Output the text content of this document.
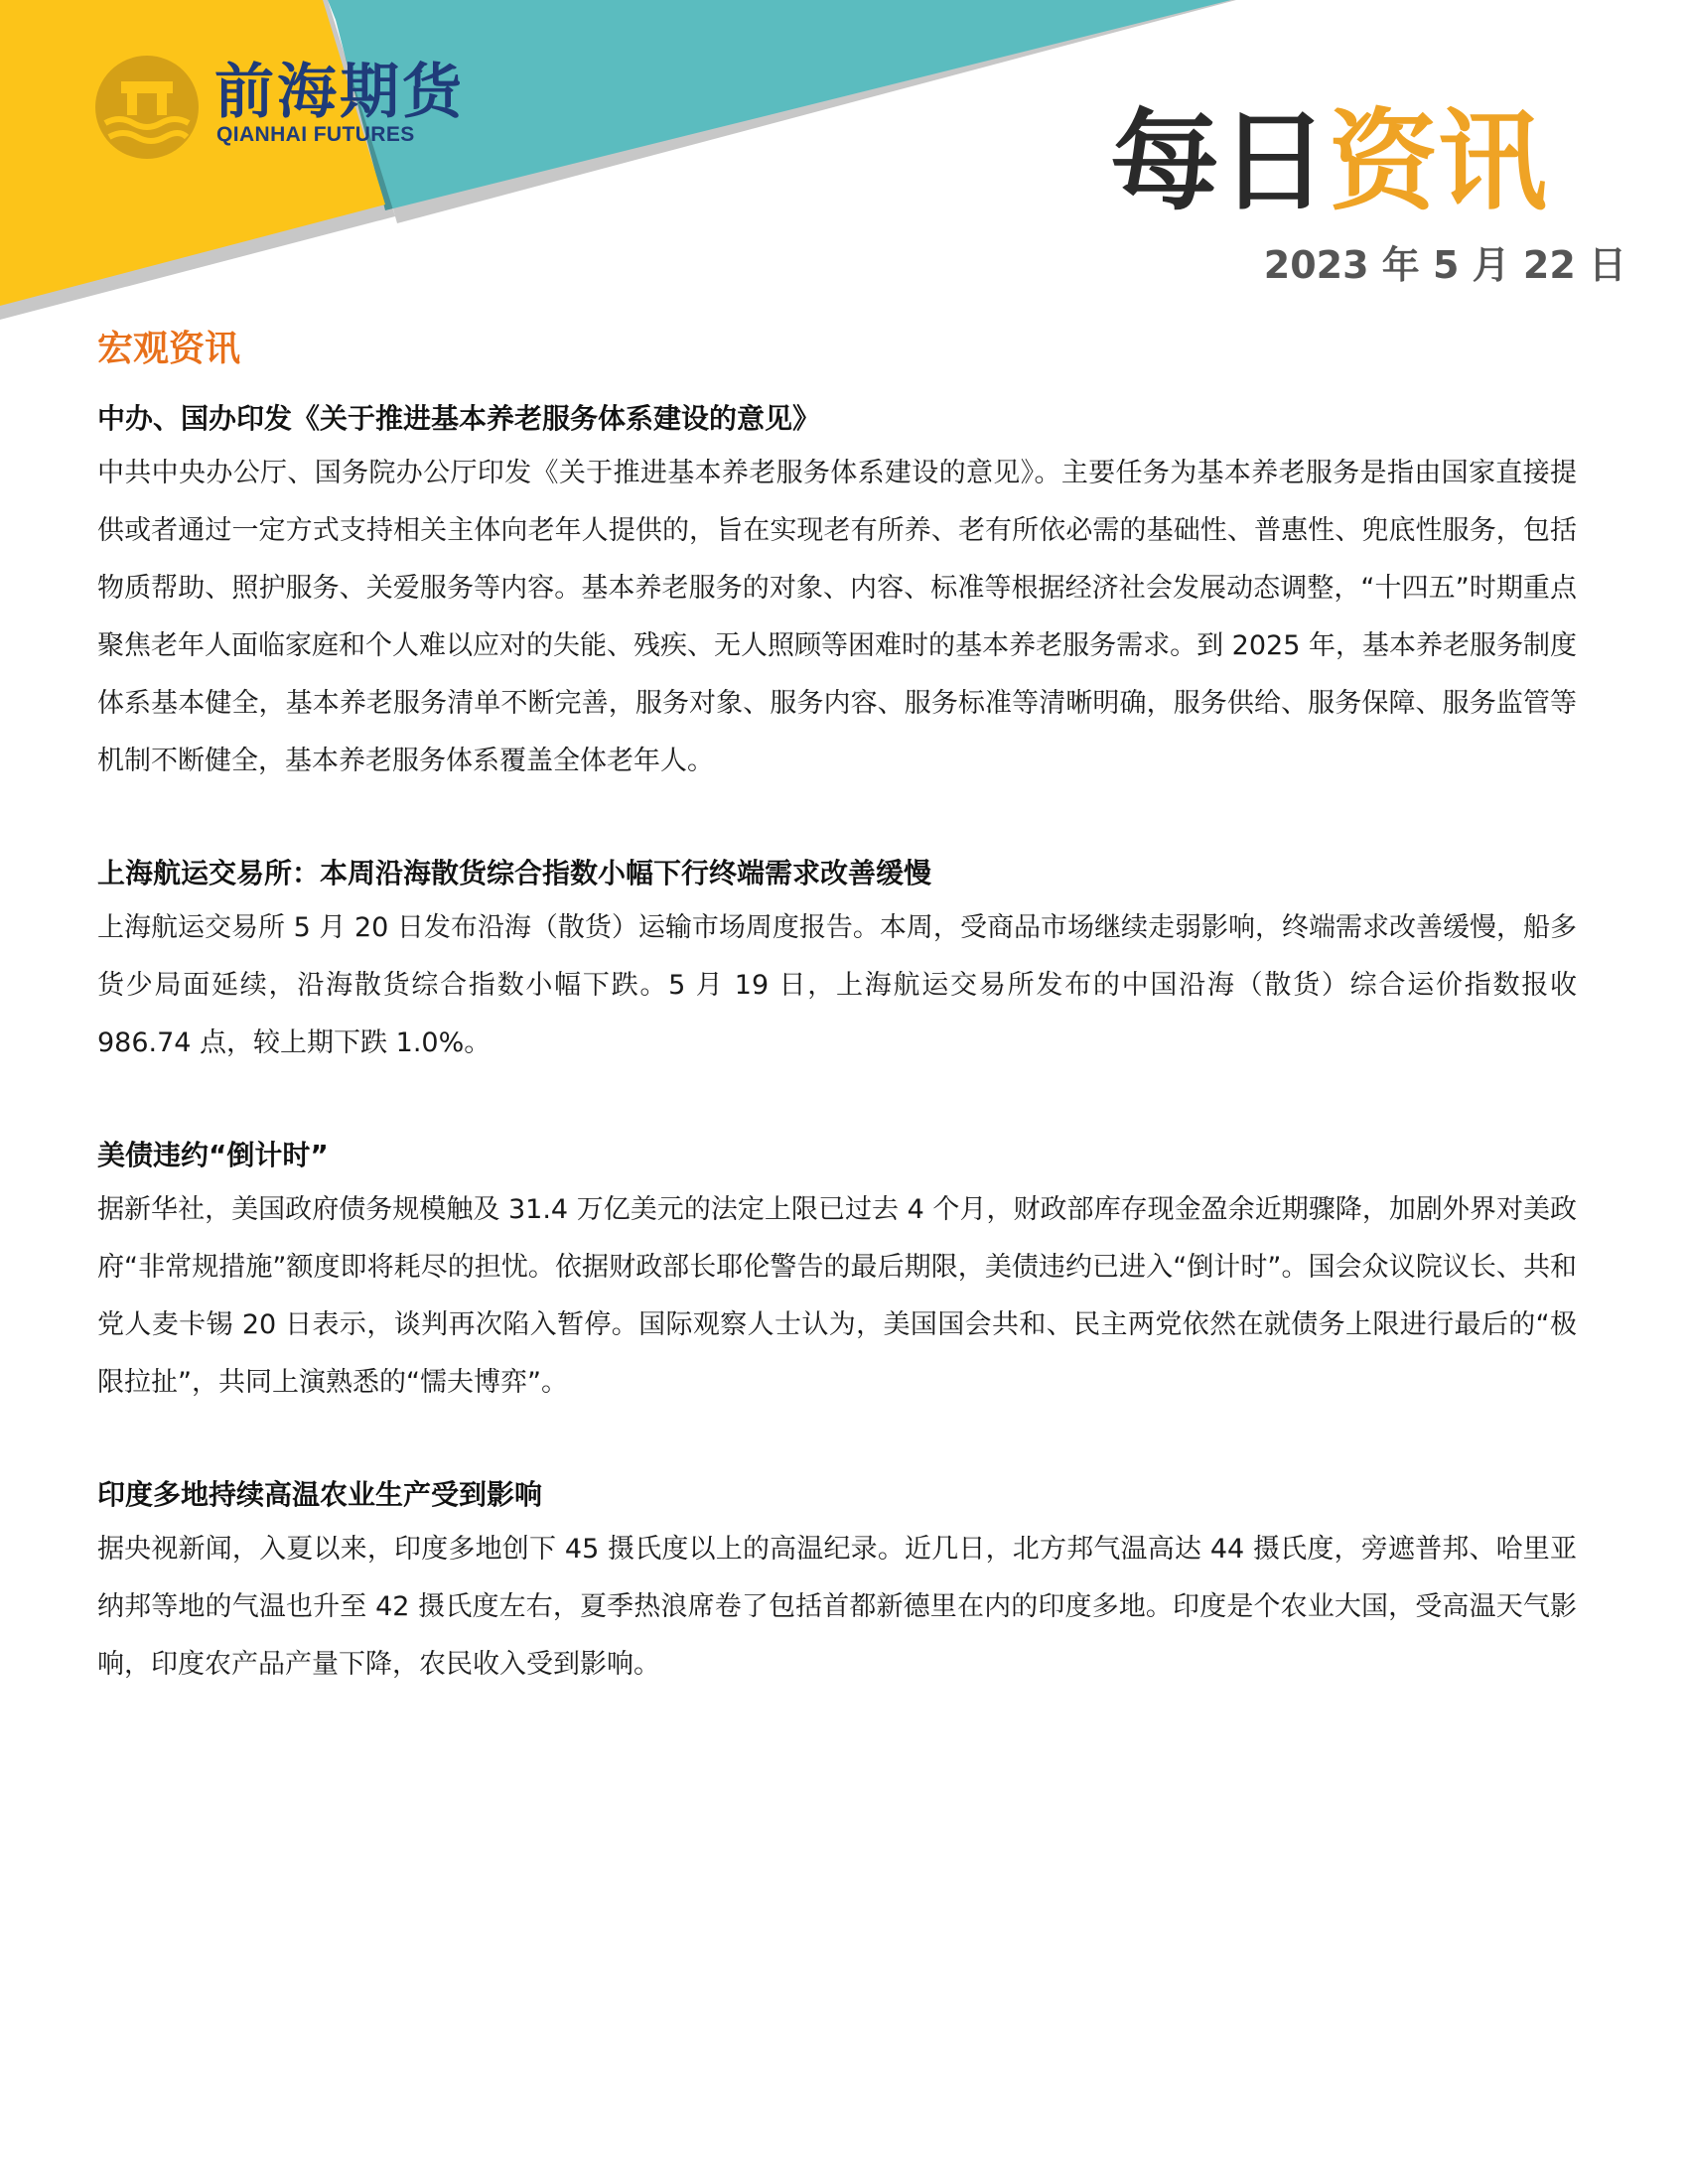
前海期货
QIANHAI FUTURES	每日资讯
2023 年 5 月 22 日
宏观资讯

中办、国办印发《关于推进基本养老服务体系建设的意见》

中共中央办公厅、国务院办公厅印发《关于推进基本养老服务体系建设的意见》。主要任务为基本养老服务是指由国家直接提供或者通过一定方式支持相关主体向老年人提供的，旨在实现老有所养、老有所依必需的基础性、普惠性、兜底性服务，包括物质帮助、照护服务、关爱服务等内容。基本养老服务的对象、内容、标准等根据经济社会发展动态调整，“十四五”时期重点聚焦老年人面临家庭和个人难以应对的失能、残疾、无人照顾等困难时的基本养老服务需求。到 2025 年，基本养老服务制度体系基本健全，基本养老服务清单不断完善，服务对象、服务内容、服务标准等清晰明确，服务供给、服务保障、服务监管等机制不断健全，基本养老服务体系覆盖全体老年人。

上海航运交易所：本周沿海散货综合指数小幅下行终端需求改善缓慢

上海航运交易所 5 月 20 日发布沿海（散货）运输市场周度报告。本周，受商品市场继续走弱影响，终端需求改善缓慢，船多货少局面延续，沿海散货综合指数小幅下跌。5 月 19 日，上海航运交易所发布的中国沿海（散货）综合运价指数报收 986.74 点，较上期下跌 1.0%。

美债违约“倒计时”

据新华社，美国政府债务规模触及 31.4 万亿美元的法定上限已过去 4 个月，财政部库存现金盈余近期骤降，加剧外界对美政府“非常规措施”额度即将耗尽的担忧。依据财政部长耶伦警告的最后期限，美债违约已进入“倒计时”。国会众议院议长、共和党人麦卡锡 20 日表示，谈判再次陷入暂停。国际观察人士认为，美国国会共和、民主两党依然在就债务上限进行最后的“极限拉扯”，共同上演熟悉的“懦夫博弈”。

印度多地持续高温农业生产受到影响

据央视新闻，入夏以来，印度多地创下 45 摄氏度以上的高温纪录。近几日，北方邦气温高达 44 摄氏度，旁遮普邦、哈里亚纳邦等地的气温也升至 42 摄氏度左右，夏季热浪席卷了包括首都新德里在内的印度多地。印度是个农业大国，受高温天气影响，印度农产品产量下降，农民收入受到影响。
